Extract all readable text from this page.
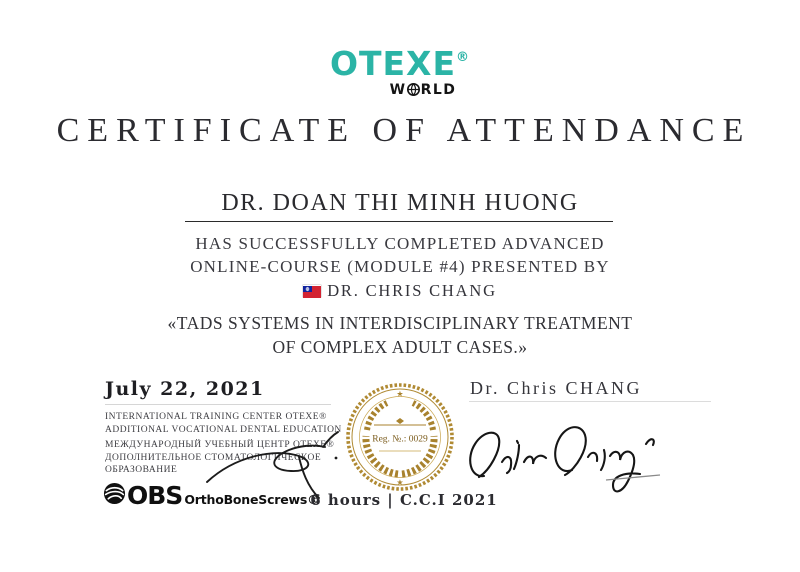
OTEXE®
W RLD
CERTIFICATE OF ATTENDANCE
DR. DOAN THI MINH HUONG
HAS SUCCESSFULLY COMPLETED ADVANCED
ONLINE-COURSE (MODULE #4) PRESENTED BY
DR. CHRIS CHANG
«TADS SYSTEMS IN INTERDISCIPLINARY TREATMENT
OF COMPLEX ADULT CASES.»
July 22, 2021
INTERNATIONAL TRAINING CENTER OTEXE®
ADDITIONAL VOCATIONAL DENTAL EDUCATION
МЕЖДУНАРОДНЫЙ УЧЕБНЫЙ ЦЕНТР OTEXE®
ДОПОЛНИТЕЛЬНОЕ СТОМАТОЛОГИЧЕСКОЕ
ОБРАЗОВАНИЕ
OBS OrthoBoneScrews®
★
★
Reg. №.: 0029
6 hours | C.C.I 2021
Dr. Chris CHANG
